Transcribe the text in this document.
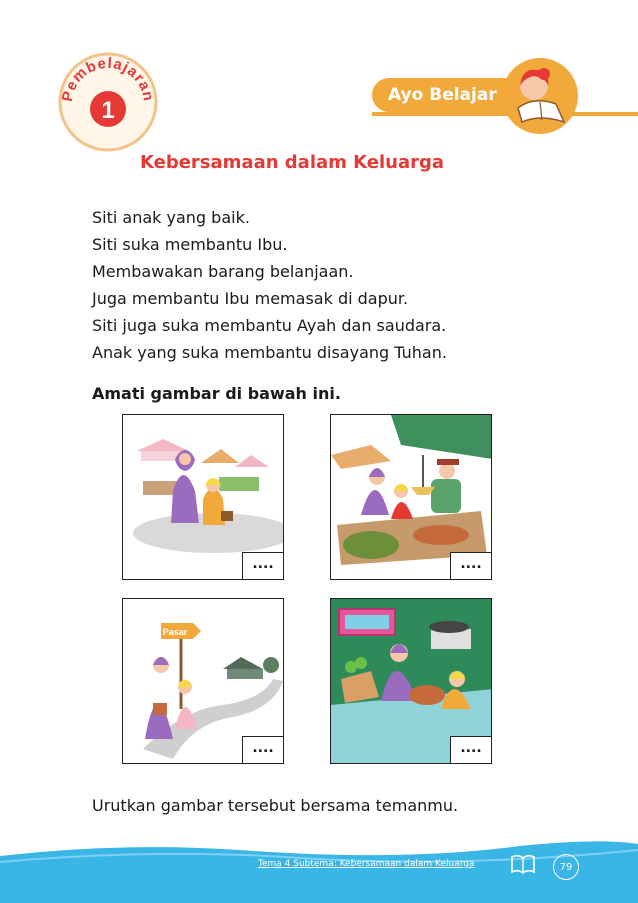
Pembelajaran
1
Ayo Belajar
Kebersamaan dalam Keluarga
Siti anak yang baik.
Siti suka membantu Ibu.
Membawakan barang belanjaan.
Juga membantu Ibu memasak di dapur.
Siti juga suka membantu Ayah dan saudara.
Anak yang suka membantu disayang Tuhan.
Amati gambar di bawah ini.
....	....
Pasar
....	....
Urutkan gambar tersebut bersama temanmu.
Tema 4 Subtema: Kebersamaan dalam Keluarga	79
